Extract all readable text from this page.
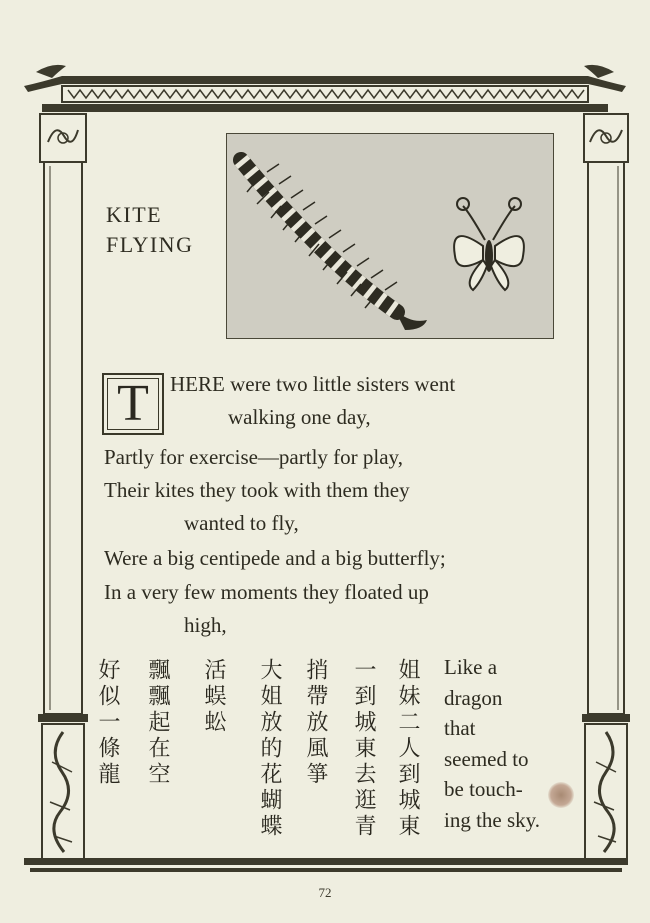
KITE
FLYING
T	HERE were two little sisters went
walking one day,
Partly for exercise—partly for play,
Their kites they took with them they
wanted to fly,
Were a big centipede and a big butterfly;
In a very few moments they floated up
high,
姐妹二人到城東
一到城東去逛青
捎帶放風箏
大姐放的花蝴蝶
活蜈蚣
飄飄起在空
好似一條龍	Like a
dragon
that
seemed to
be touch-
ing the sky.
72
